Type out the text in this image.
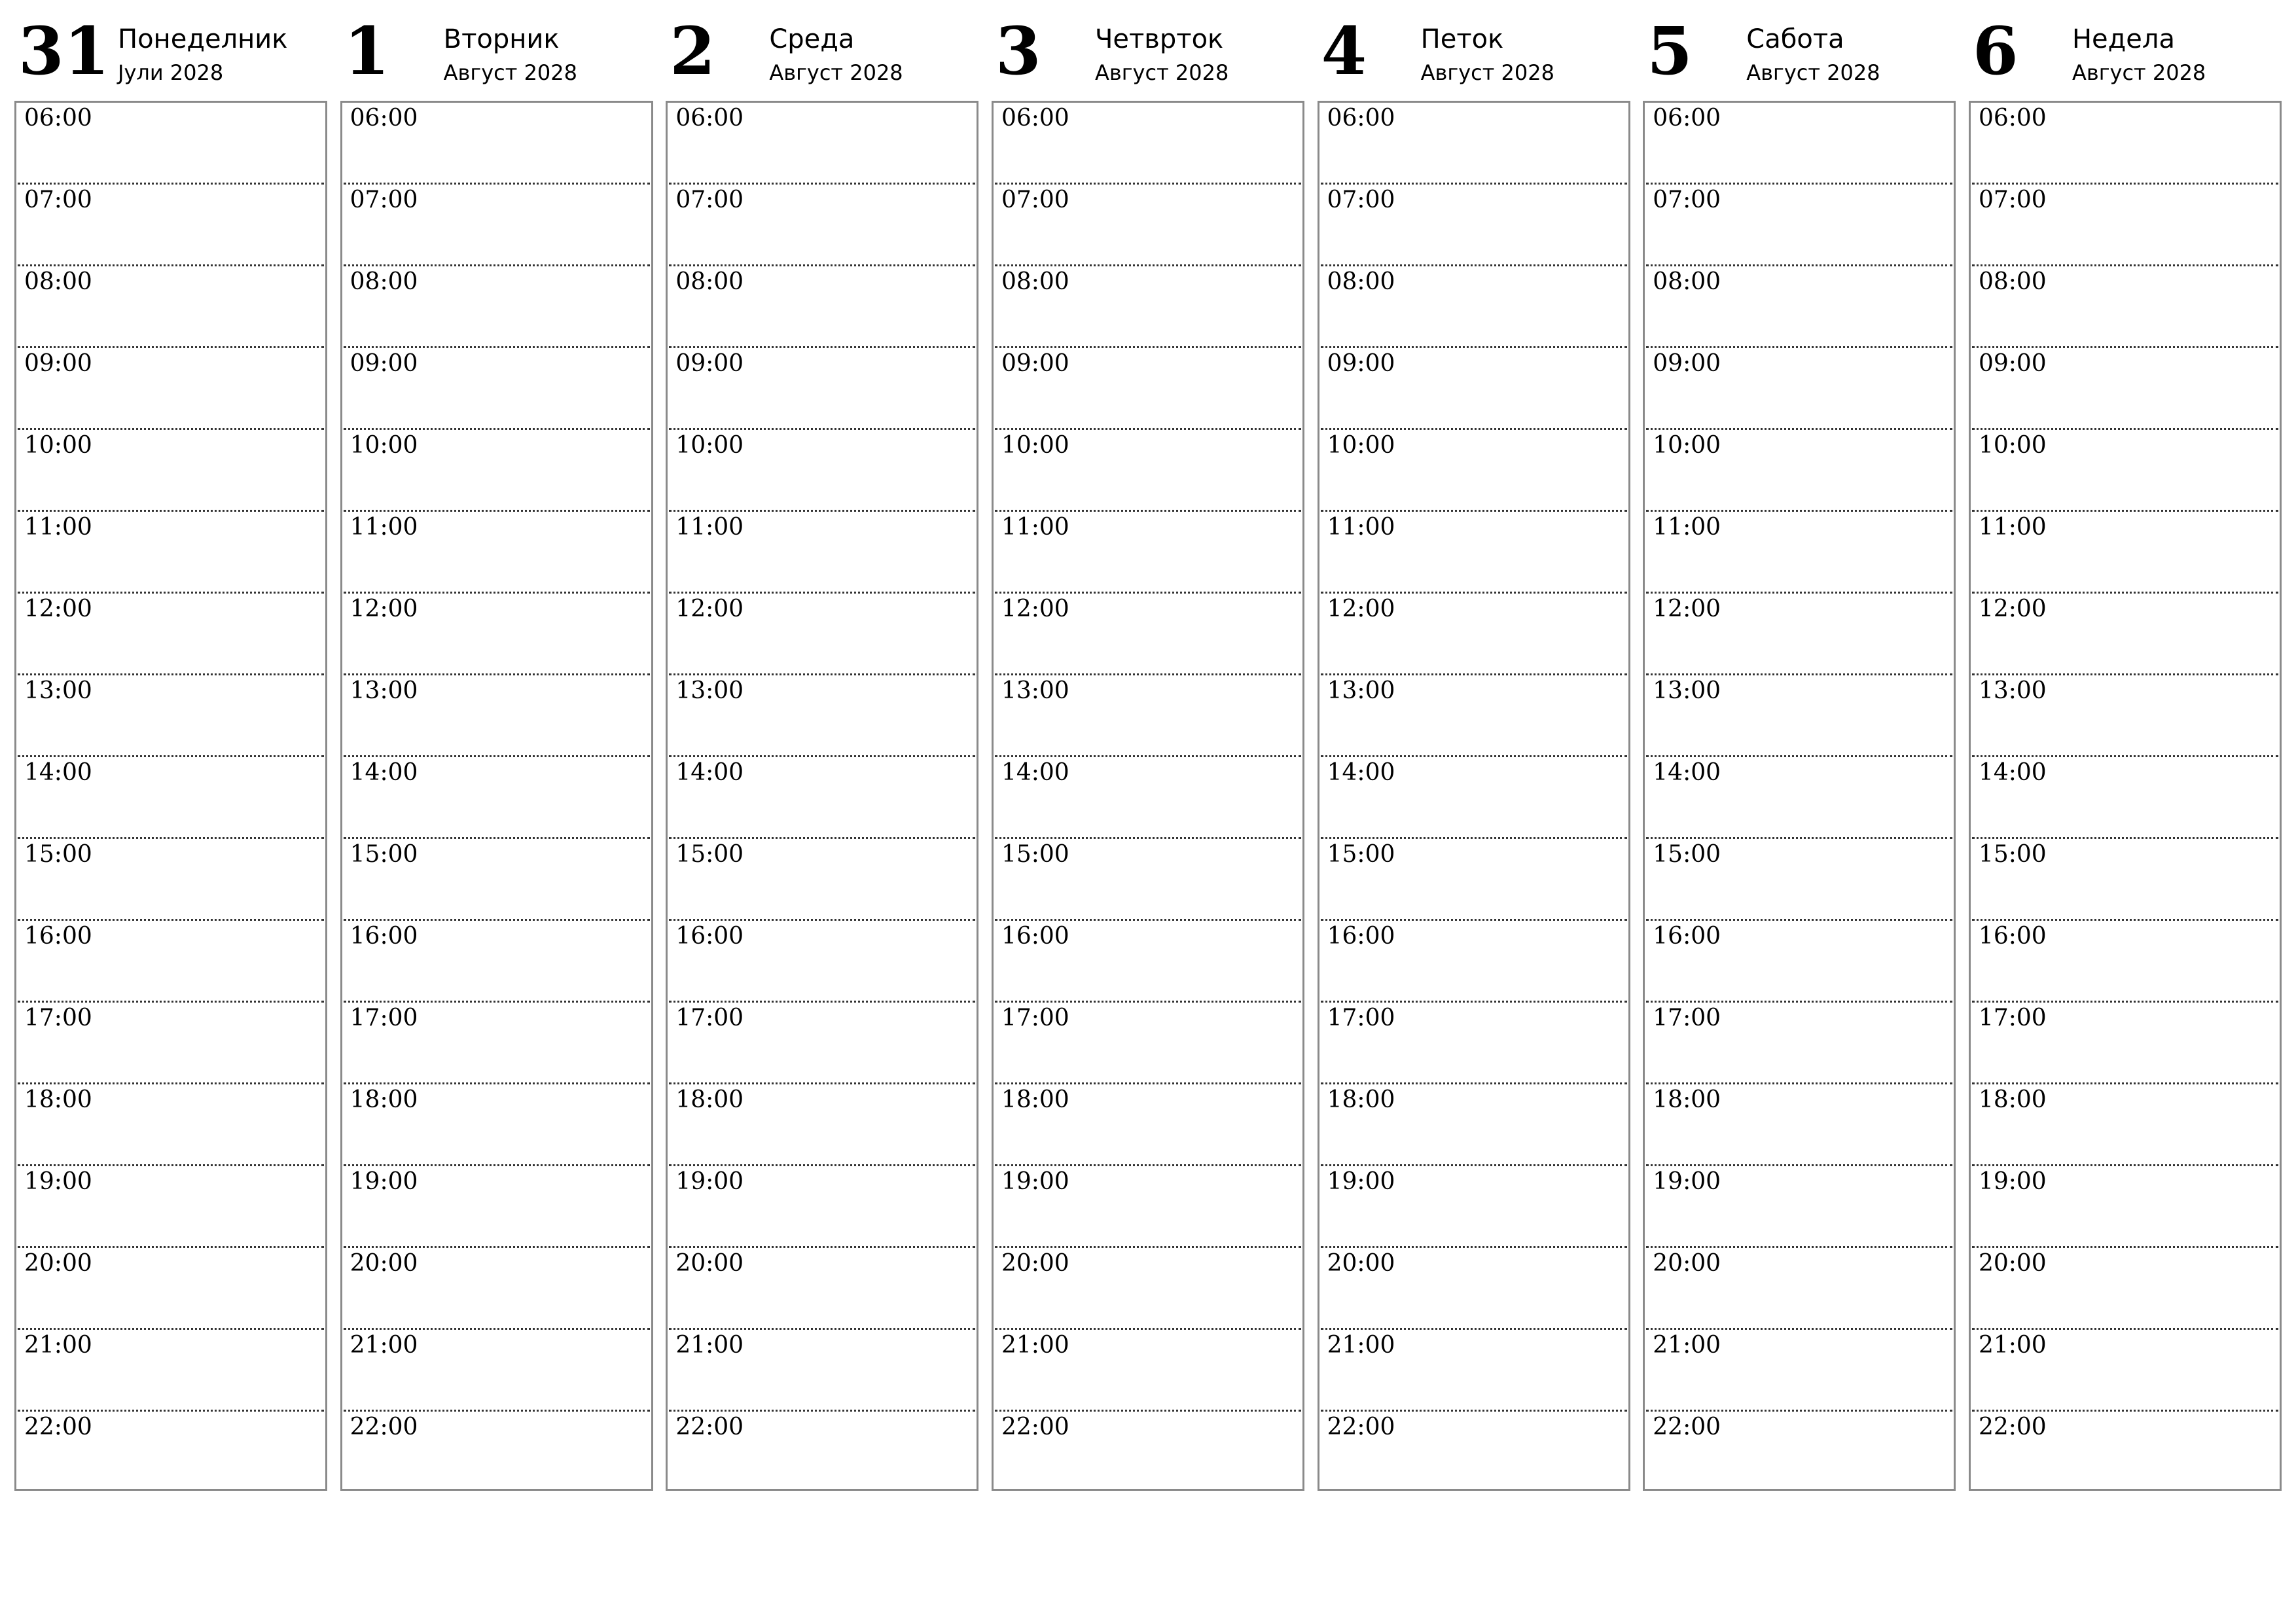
31 Понеделник
Јули 2028
06:00
07:00
08:00
09:00
10:00
11:00
12:00
13:00
14:00
15:00
16:00
17:00
18:00
19:00
20:00
21:00
22:00
1 Вторник
Август 2028
06:00
07:00
08:00
09:00
10:00
11:00
12:00
13:00
14:00
15:00
16:00
17:00
18:00
19:00
20:00
21:00
22:00
2 Среда
Август 2028
06:00
07:00
08:00
09:00
10:00
11:00
12:00
13:00
14:00
15:00
16:00
17:00
18:00
19:00
20:00
21:00
22:00
3 Четврток
Август 2028
06:00
07:00
08:00
09:00
10:00
11:00
12:00
13:00
14:00
15:00
16:00
17:00
18:00
19:00
20:00
21:00
22:00
4 Петок
Август 2028
06:00
07:00
08:00
09:00
10:00
11:00
12:00
13:00
14:00
15:00
16:00
17:00
18:00
19:00
20:00
21:00
22:00
5 Сабота
Август 2028
06:00
07:00
08:00
09:00
10:00
11:00
12:00
13:00
14:00
15:00
16:00
17:00
18:00
19:00
20:00
21:00
22:00
6 Недела
Август 2028
06:00
07:00
08:00
09:00
10:00
11:00
12:00
13:00
14:00
15:00
16:00
17:00
18:00
19:00
20:00
21:00
22:00
